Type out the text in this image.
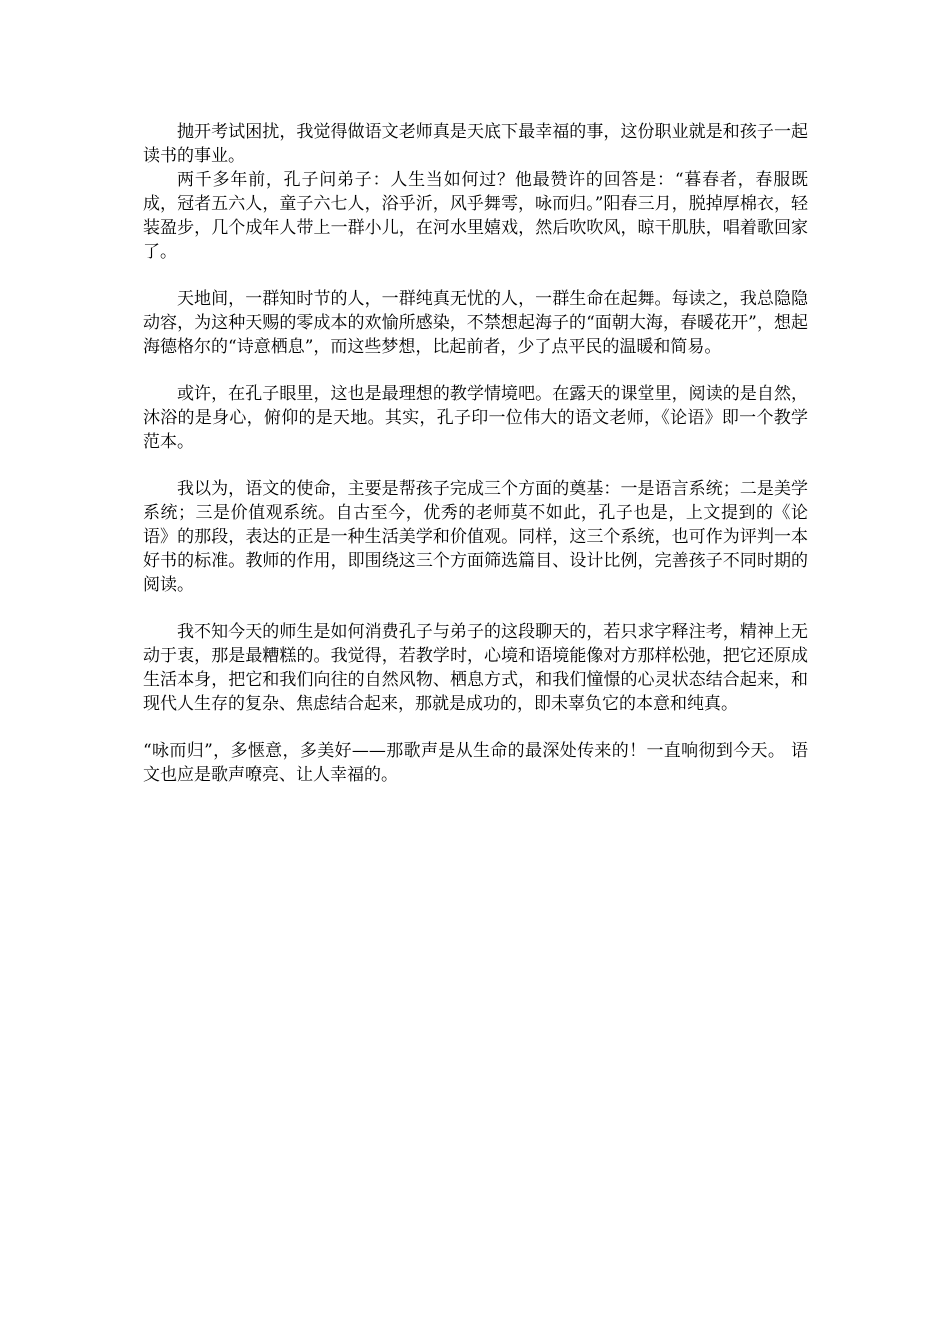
抛开考试困扰，我觉得做语文老师真是天底下最幸福的事，这份职业就是和孩子一起读书的事业。

两千多年前，孔子问弟子：人生当如何过？他最赞许的回答是：“暮春者，春服既成，冠者五六人，童子六七人，浴乎沂，风乎舞雩，咏而归。”阳春三月，脱掉厚棉衣，轻装盈步，几个成年人带上一群小儿，在河水里嬉戏，然后吹吹风，晾干肌肤，唱着歌回家了。

天地间，一群知时节的人，一群纯真无忧的人，一群生命在起舞。每读之，我总隐隐动容，为这种天赐的零成本的欢愉所感染，不禁想起海子的“面朝大海，春暖花开”，想起海德格尔的“诗意栖息”，而这些梦想，比起前者，少了点平民的温暖和简易。

或许，在孔子眼里，这也是最理想的教学情境吧。在露天的课堂里，阅读的是自然，沐浴的是身心，俯仰的是天地。其实，孔子印一位伟大的语文老师，《论语》即一个教学范本。

我以为，语文的使命，主要是帮孩子完成三个方面的奠基：一是语言系统；二是美学系统；三是价值观系统。自古至今，优秀的老师莫不如此，孔子也是，上文提到的《论语》的那段，表达的正是一种生活美学和价值观。同样，这三个系统，也可作为评判一本好书的标准。教师的作用，即围绕这三个方面筛选篇目、设计比例，完善孩子不同时期的阅读。

我不知今天的师生是如何消费孔子与弟子的这段聊天的，若只求字释注考，精神上无动于衷，那是最糟糕的。我觉得，若教学时，心境和语境能像对方那样松弛，把它还原成生活本身，把它和我们向往的自然风物、栖息方式，和我们憧憬的心灵状态结合起来，和现代人生存的复杂、焦虑结合起来，那就是成功的，即未辜负它的本意和纯真。

“咏而归”，多惬意，多美好——那歌声是从生命的最深处传来的！一直响彻到今天。 语文也应是歌声嘹亮、让人幸福的。
